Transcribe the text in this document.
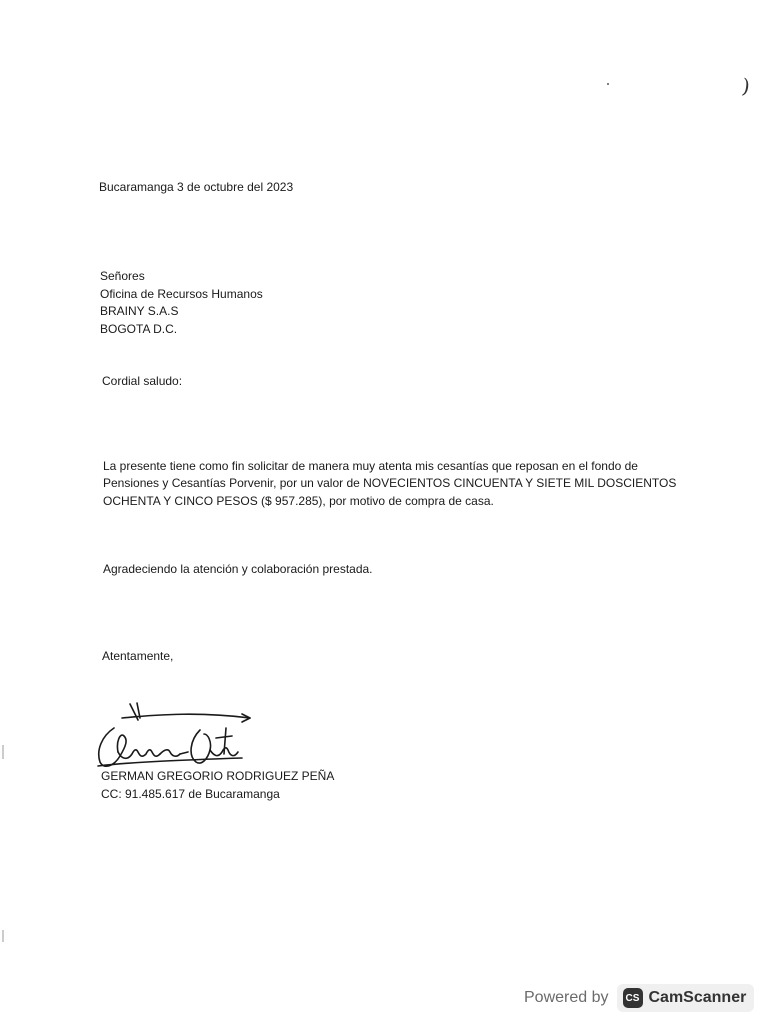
)
Bucaramanga 3 de octubre del 2023
Señores
Oficina de Recursos Humanos
BRAINY S.A.S
BOGOTA D.C.
Cordial saludo:
La presente tiene como fin solicitar de manera muy atenta mis cesantías que reposan en el fondo de
Pensiones y Cesantías Porvenir, por un valor de NOVECIENTOS CINCUENTA Y SIETE MIL DOSCIENTOS
OCHENTA Y CINCO PESOS ($ 957.285), por motivo de compra de casa.
Agradeciendo la atención y colaboración prestada.
Atentamente,
GERMAN GREGORIO RODRIGUEZ PEÑA
CC: 91.485.617 de Bucaramanga
Powered by	CS CamScanner
